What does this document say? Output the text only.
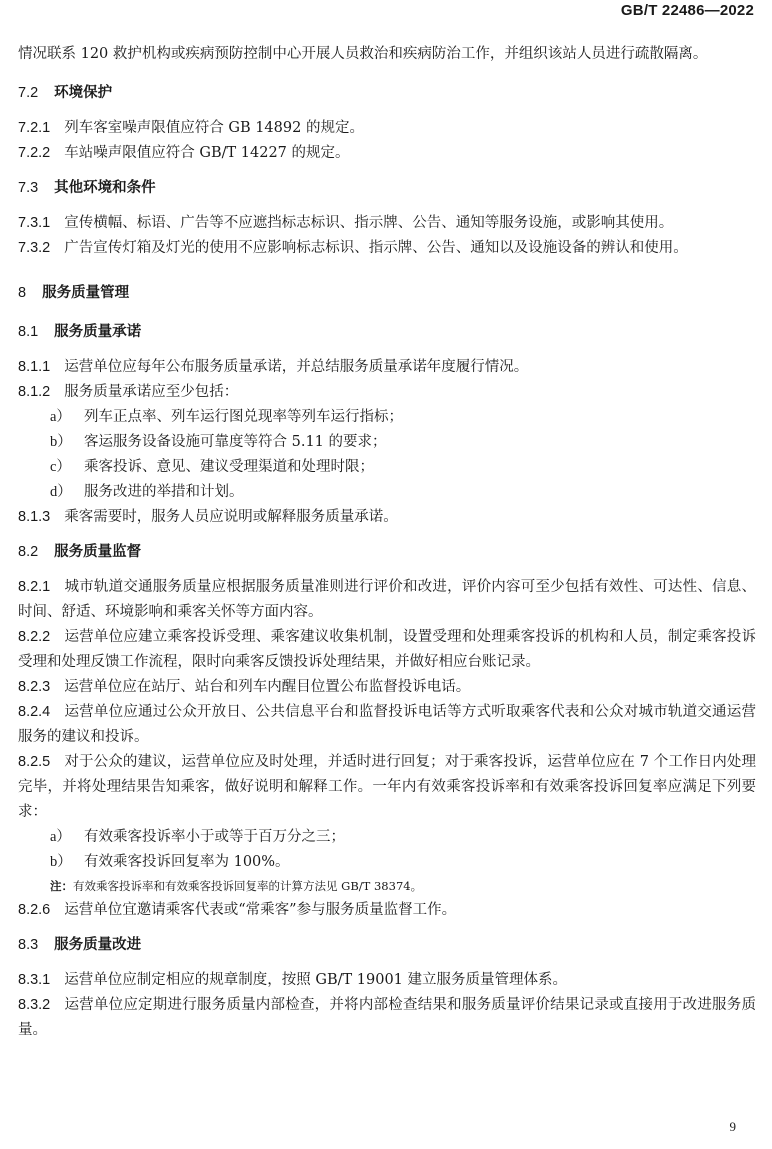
GB/T 22486—2022

情况联系 120 救护机构或疾病预防控制中心开展人员救治和疾病防治工作，并组织该站人员进行疏散隔离。

7.2 环境保护

7.2.1 列车客室噪声限值应符合 GB 14892 的规定。

7.2.2 车站噪声限值应符合 GB/T 14227 的规定。

7.3 其他环境和条件

7.3.1 宣传横幅、标语、广告等不应遮挡标志标识、指示牌、公告、通知等服务设施，或影响其使用。

7.3.2 广告宣传灯箱及灯光的使用不应影响标志标识、指示牌、公告、通知以及设施设备的辨认和使用。

8 服务质量管理
8.1 服务质量承诺

8.1.1 运营单位应每年公布服务质量承诺，并总结服务质量承诺年度履行情况。

8.1.2 服务质量承诺应至少包括：

a） 列车正点率、列车运行图兑现率等列车运行指标；

b） 客运服务设备设施可靠度等符合 5.11 的要求；

c） 乘客投诉、意见、建议受理渠道和处理时限；

d） 服务改进的举措和计划。

8.1.3 乘客需要时，服务人员应说明或解释服务质量承诺。

8.2 服务质量监督

8.2.1 城市轨道交通服务质量应根据服务质量准则进行评价和改进，评价内容可至少包括有效性、可达性、信息、时间、舒适、环境影响和乘客关怀等方面内容。

8.2.2 运营单位应建立乘客投诉受理、乘客建议收集机制，设置受理和处理乘客投诉的机构和人员，制定乘客投诉受理和处理反馈工作流程，限时向乘客反馈投诉处理结果，并做好相应台账记录。

8.2.3 运营单位应在站厅、站台和列车内醒目位置公布监督投诉电话。

8.2.4 运营单位应通过公众开放日、公共信息平台和监督投诉电话等方式听取乘客代表和公众对城市轨道交通运营服务的建议和投诉。

8.2.5 对于公众的建议，运营单位应及时处理，并适时进行回复；对于乘客投诉，运营单位应在 7 个工作日内处理完毕，并将处理结果告知乘客，做好说明和解释工作。一年内有效乘客投诉率和有效乘客投诉回复率应满足下列要求：

a） 有效乘客投诉率小于或等于百万分之三；

b） 有效乘客投诉回复率为 100%。

注：有效乘客投诉率和有效乘客投诉回复率的计算方法见 GB/T 38374。

8.2.6 运营单位宜邀请乘客代表或“常乘客”参与服务质量监督工作。

8.3 服务质量改进

8.3.1 运营单位应制定相应的规章制度，按照 GB/T 19001 建立服务质量管理体系。

8.3.2 运营单位应定期进行服务质量内部检查，并将内部检查结果和服务质量评价结果记录或直接用于改进服务质量。

9
